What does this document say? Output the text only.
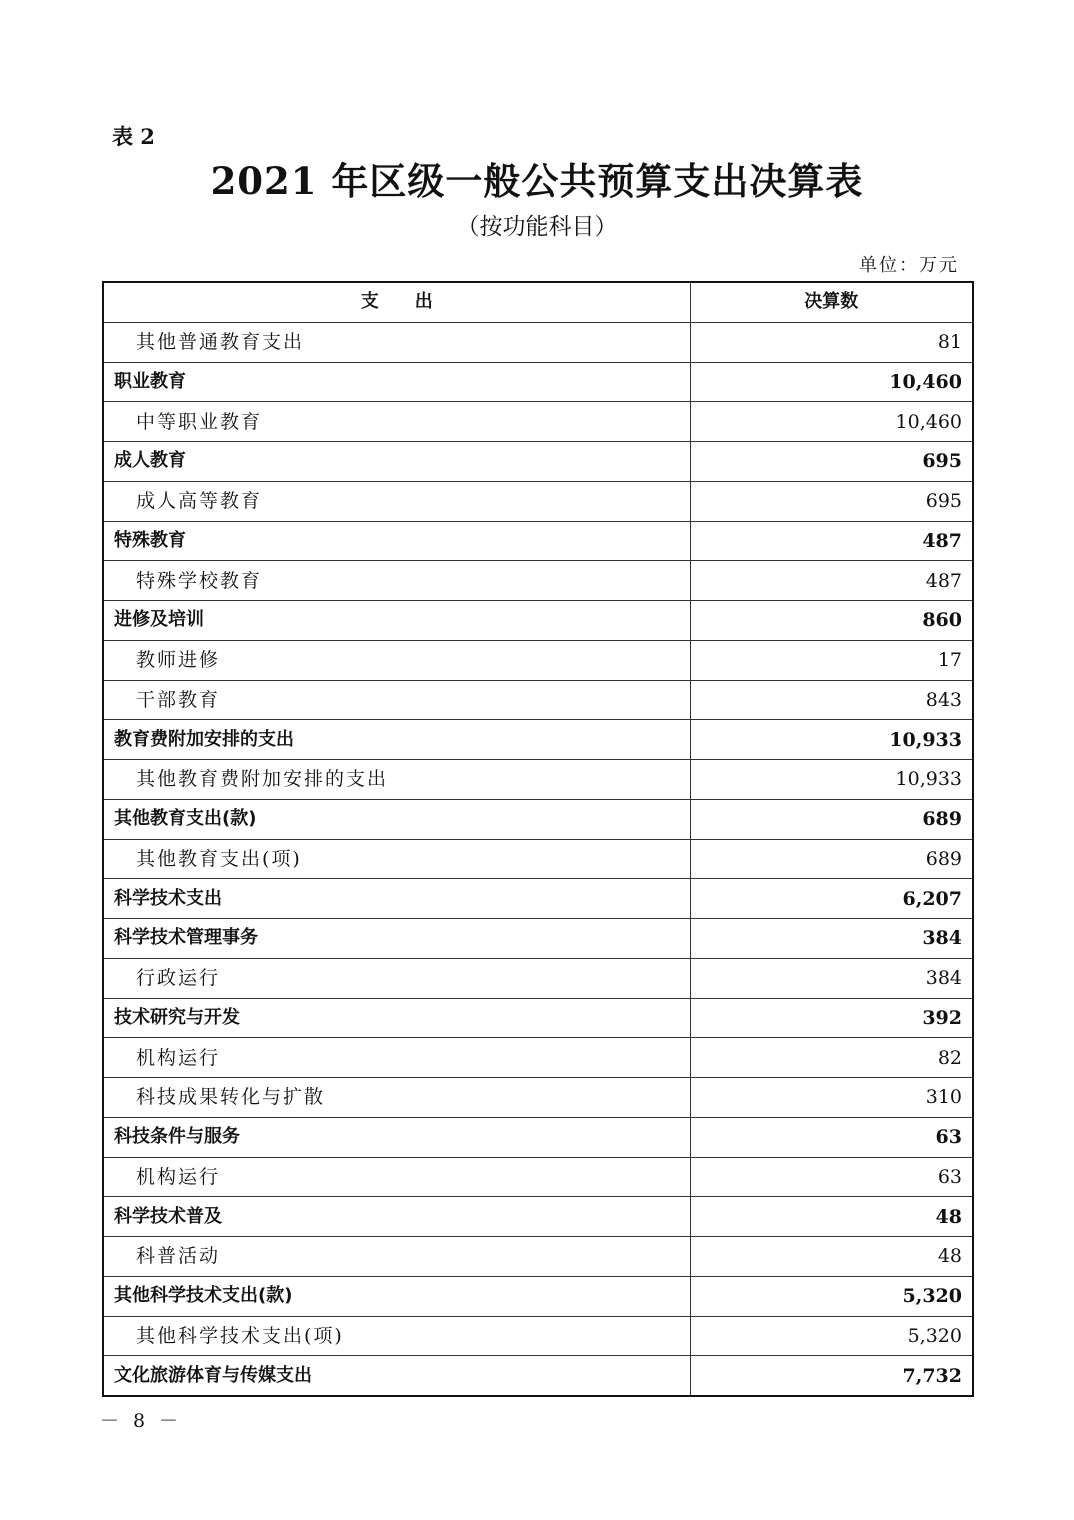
表 2
2021 年区级一般公共预算支出决算表
（按功能科目）
单位：万元
支　　出	决算数
其他普通教育支出	81
职业教育	10,460
中等职业教育	10,460
成人教育	695
成人高等教育	695
特殊教育	487
特殊学校教育	487
进修及培训	860
教师进修	17
干部教育	843
教育费附加安排的支出	10,933
其他教育费附加安排的支出	10,933
其他教育支出(款)	689
其他教育支出(项)	689
科学技术支出	6,207
科学技术管理事务	384
行政运行	384
技术研究与开发	392
机构运行	82
科技成果转化与扩散	310
科技条件与服务	63
机构运行	63
科学技术普及	48
科普活动	48
其他科学技术支出(款)	5,320
其他科学技术支出(项)	5,320
文化旅游体育与传媒支出	7,732
－ 8 －
